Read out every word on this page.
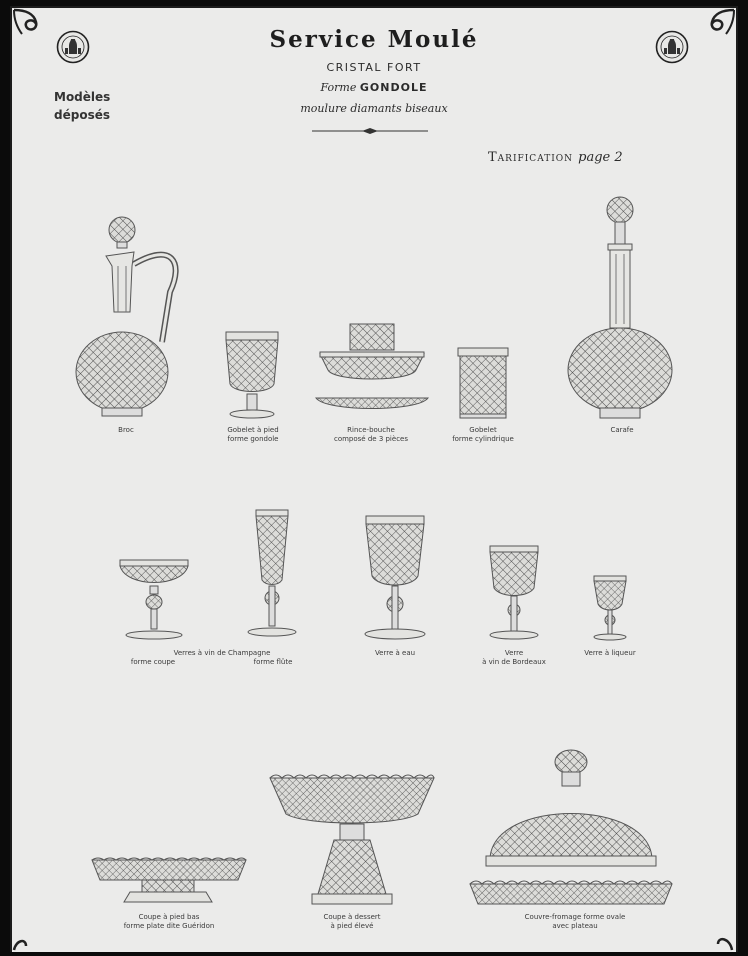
Service Moulé
CRISTAL FORT
Forme GONDOLE
moulure diamants biseaux
Modèles
déposés
Tarification page 2
Broc	Gobelet à pied
forme gondole
Rince-bouche
composé de 3 pièces
Gobelet
forme cylindrique
Carafe
Verres à vin de Champagne
forme coupe	forme flûte
Verre à eau	Verre
à vin de Bordeaux
Verre à liqueur
Coupe à pied bas
forme plate dite Guéridon
Coupe à dessert
à pied élevé
Couvre-fromage forme ovale
avec plateau
